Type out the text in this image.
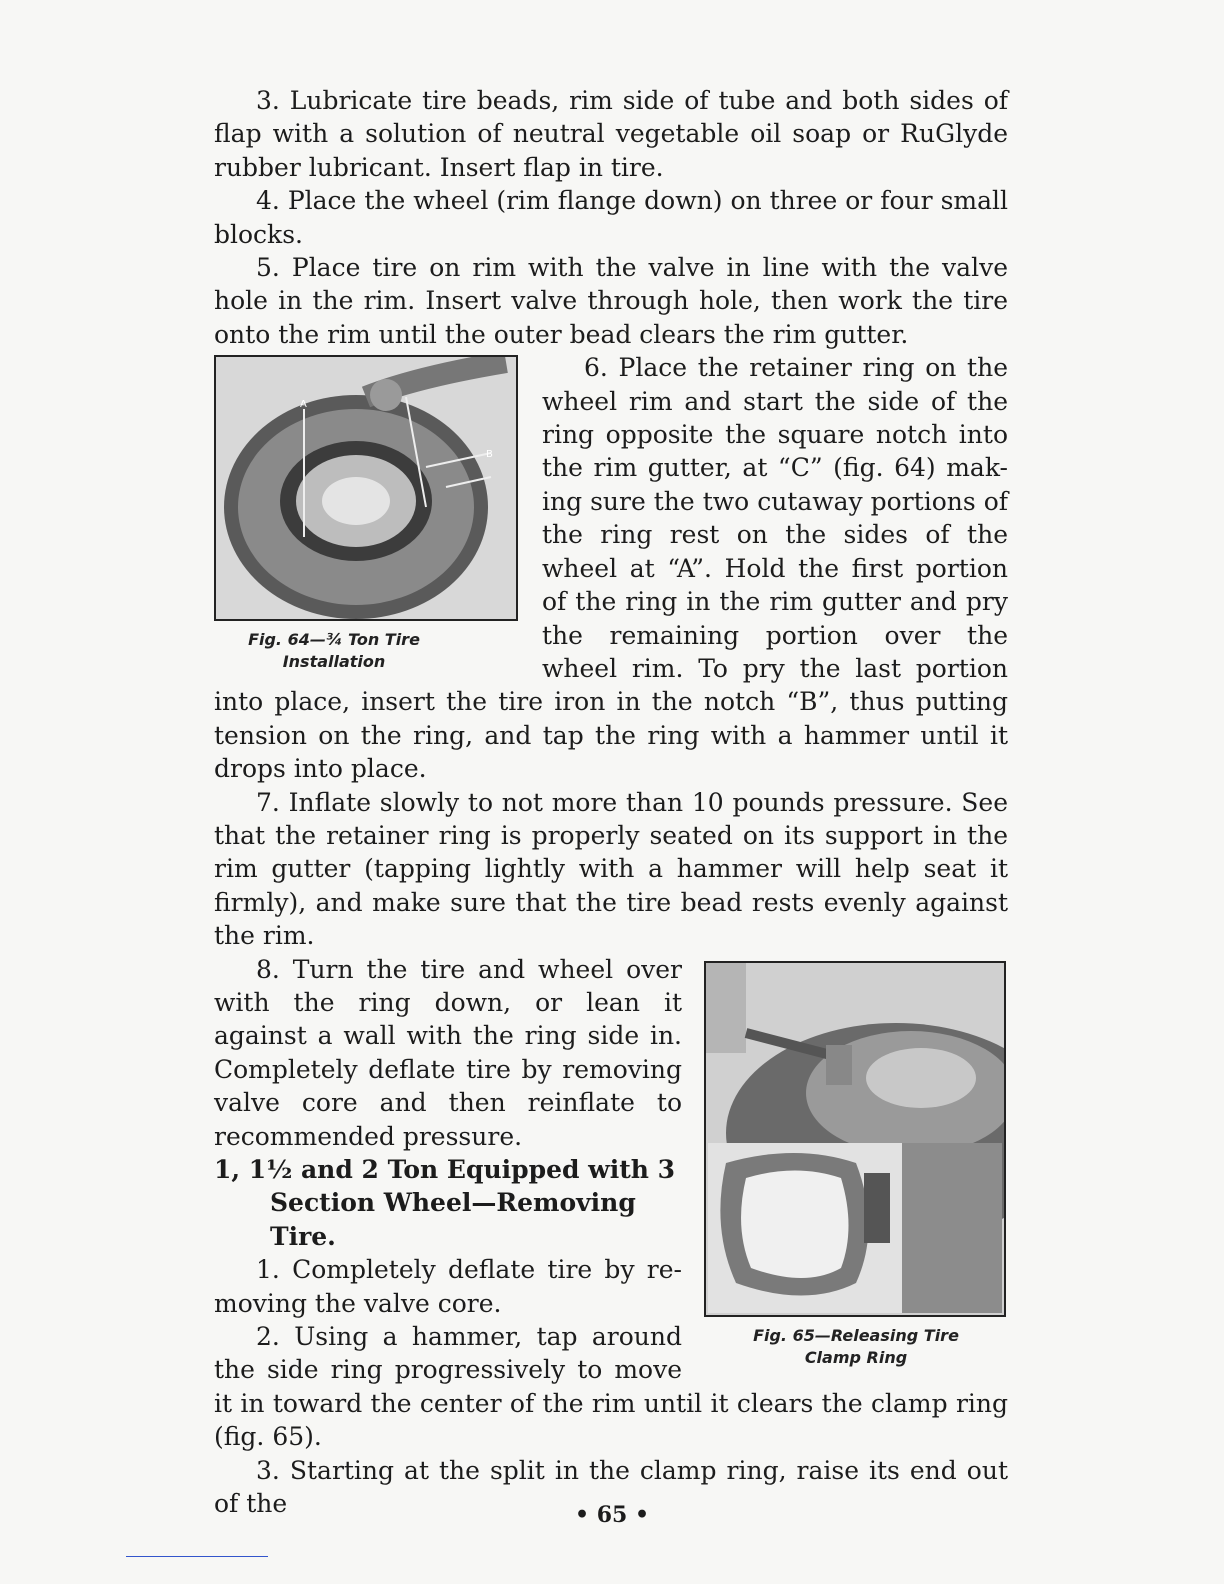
3. Lubricate tire beads, rim side of tube and both sides of flap with a solution of neutral vegetable oil soap or RuGlyde rubber lubricant. Insert flap in tire.

4. Place the wheel (rim flange down) on three or four small blocks.

5. Place tire on rim with the valve in line with the valve hole in the rim. Insert valve through hole, then work the tire onto the rim until the outer bead clears the rim gutter.

A
B
Fig. 64—¾ Ton Tire
Installation

6. Place the retainer ring on the wheel rim and start the side of the ring opposite the square notch into the rim gutter, at “C” (fig. 64) mak-ing sure the two cutaway portions of the ring rest on the sides of the wheel at “A”. Hold the first portion of the ring in the rim gutter and pry the remaining portion over the wheel rim. To pry the last portion into place, insert the tire iron in the notch “B”, thus putting tension on the ring, and tap the ring with a hammer until it drops into place.

7. Inflate slowly to not more than 10 pounds pressure. See that the retainer ring is properly seated on its support in the rim gutter (tapping lightly with a hammer will help seat it firmly), and make sure that the tire bead rests evenly against the rim.

Fig. 65—Releasing Tire
Clamp Ring

8. Turn the tire and wheel over with the ring down, or lean it against a wall with the ring side in. Completely deflate tire by removing valve core and then reinflate to recommended pressure.

1, 1½ and 2 Ton Equipped with 3
Section Wheel—Removing Tire.

1. Completely deflate tire by re-moving the valve core.

2. Using a hammer, tap around the side ring progressively to move it in toward the center of the rim until it clears the clamp ring (fig. 65).

3. Starting at the split in the clamp ring, raise its end out of the	• 65 •
